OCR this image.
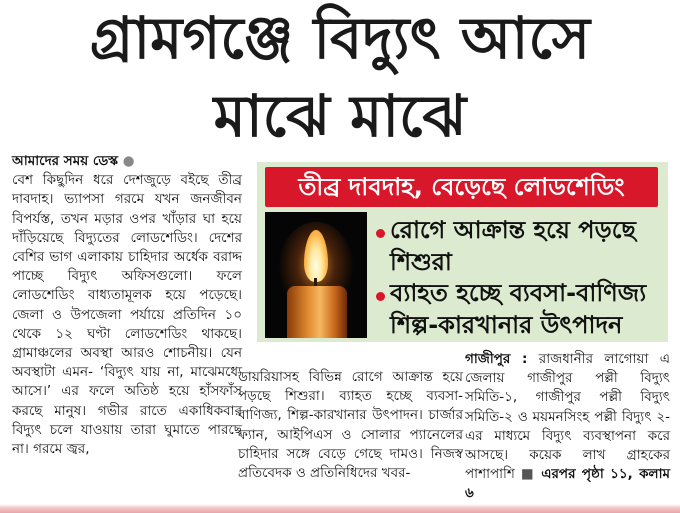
গ্রামগঞ্জে বিদ্যুৎ আসে
মাঝে মাঝে
আমাদের সময় ডেস্ক ●

বেশ কিছুদিন ধরে দেশজুড়ে বইছে তীব্র দাবদাহ। ভ্যাপসা গরমে যখন জনজীবন বিপর্যস্ত, তখন মড়ার ওপর খাঁড়ার ঘা হয়ে দাঁড়িয়েছে বিদ্যুতের লোডশেডিং। দেশের বেশির ভাগ এলাকায় চাহিদার অর্ধেক বরাদ্দ পাচ্ছে বিদ্যুৎ অফিসগুলো। ফলে লোডশেডিং বাধ্যতামূলক হয়ে পড়েছে। জেলা ও উপজেলা পর্যায়ে প্রতিদিন ১০ থেকে ১২ ঘণ্টা লোডশেডিং থাকছে। গ্রামাঞ্চলের অবস্থা আরও শোচনীয়। যেন অবস্থাটা এমন- ‘বিদ্যুৎ যায় না, মাঝেমধ্যে আসে।’ এর ফলে অতিষ্ঠ হয়ে হাঁসফাঁস করছে মানুষ। গভীর রাতে একাধিকবার বিদ্যুৎ চলে যাওয়ায় তারা ঘুমাতে পারছে না। গরমে জ্বর,

তীব্র দাবদাহ, বেড়েছে লোডশেডিং
রোগে আক্রান্ত হয়ে পড়ছে শিশুরা
ব্যাহত হচ্ছে ব্যবসা-বাণিজ্য শিল্প-কারখানার উৎপাদন

ডায়রিয়াসহ বিভিন্ন রোগে আক্রান্ত হয়ে পড়ছে শিশুরা। ব্যাহত হচ্ছে ব্যবসা-বাণিজ্য, শিল্প-কারখানার উৎপাদন। চার্জার ফ্যান, আইপিএস ও সোলার প্যানেলের চাহিদার সঙ্গে বেড়ে গেছে দামও। নিজস্ব প্রতিবেদক ও প্রতিনিধিদের খবর-

গাজীপুর : রাজধানীর লাগোয়া এ জেলায় গাজীপুর পল্লী বিদ্যুৎ সমিতি-১, গাজীপুর পল্লী বিদ্যুৎ সমিতি-২ ও ময়মনসিংহ পল্লী বিদ্যুৎ ২-এর মাধ্যমে বিদ্যুৎ ব্যবস্থাপনা করে আসছে। কয়েক লাখ গ্রাহকের পাশাপাশি ■ এরপর পৃষ্ঠা ১১, কলাম ৬
